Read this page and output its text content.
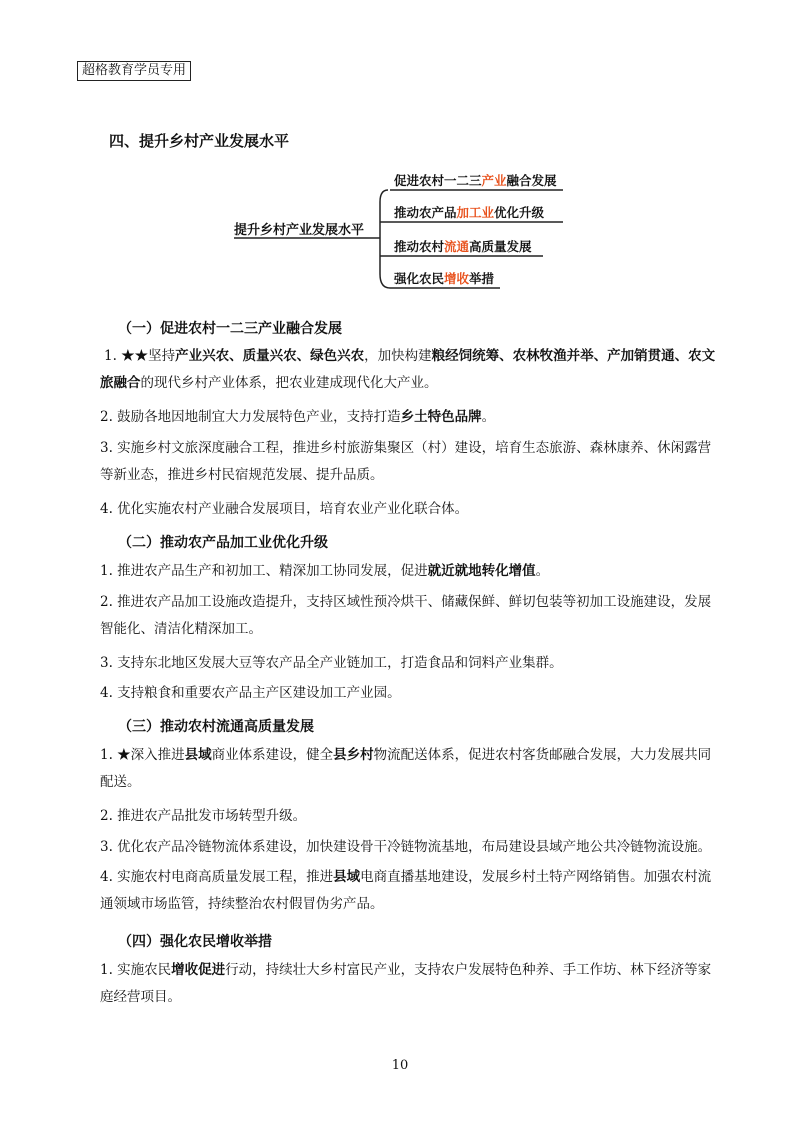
超格教育学员专用
四、提升乡村产业发展水平
提升乡村产业发展水平
促进农村一二三产业融合发展
推动农产品加工业优化升级
推动农村流通高质量发展
强化农民增收举措
（一）促进农村一二三产业融合发展
1. ★★坚持产业兴农、质量兴农、绿色兴农，加快构建粮经饲统筹、农林牧渔并举、产加销贯通、农文旅融合的现代乡村产业体系，把农业建成现代化大产业。
2. 鼓励各地因地制宜大力发展特色产业，支持打造乡土特色品牌。
3. 实施乡村文旅深度融合工程，推进乡村旅游集聚区（村）建设，培育生态旅游、森林康养、休闲露营等新业态，推进乡村民宿规范发展、提升品质。
4. 优化实施农村产业融合发展项目，培育农业产业化联合体。
（二）推动农产品加工业优化升级
1. 推进农产品生产和初加工、精深加工协同发展，促进就近就地转化增值。
2. 推进农产品加工设施改造提升，支持区域性预冷烘干、储藏保鲜、鲜切包装等初加工设施建设，发展智能化、清洁化精深加工。
3. 支持东北地区发展大豆等农产品全产业链加工，打造食品和饲料产业集群。
4. 支持粮食和重要农产品主产区建设加工产业园。
（三）推动农村流通高质量发展
1. ★深入推进县域商业体系建设，健全县乡村物流配送体系，促进农村客货邮融合发展，大力发展共同配送。
2. 推进农产品批发市场转型升级。
3. 优化农产品冷链物流体系建设，加快建设骨干冷链物流基地，布局建设县域产地公共冷链物流设施。
4. 实施农村电商高质量发展工程，推进县域电商直播基地建设，发展乡村土特产网络销售。加强农村流通领域市场监管，持续整治农村假冒伪劣产品。
（四）强化农民增收举措
1. 实施农民增收促进行动，持续壮大乡村富民产业，支持农户发展特色种养、手工作坊、林下经济等家庭经营项目。
10
